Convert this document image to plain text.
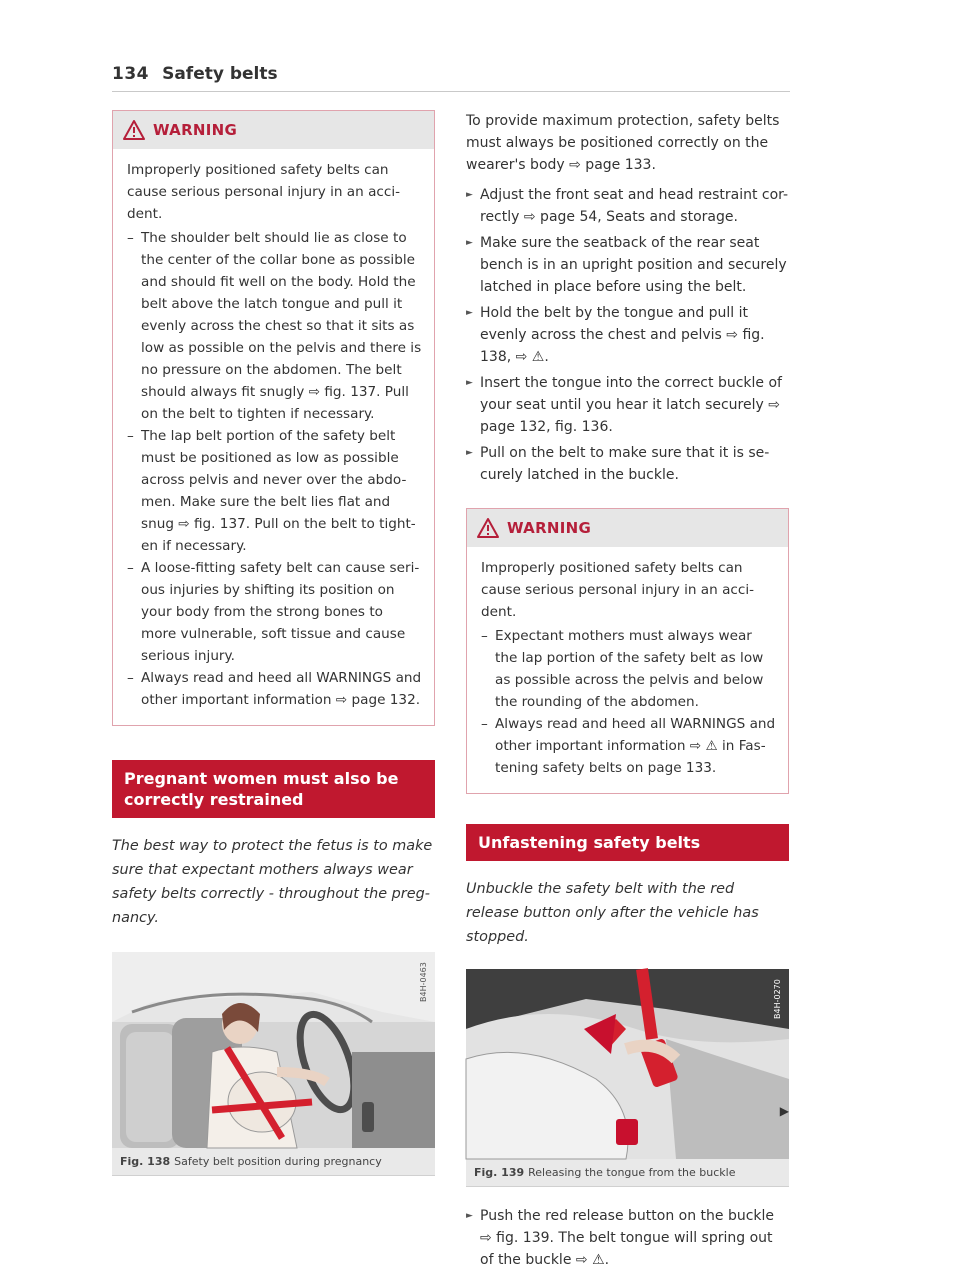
134 Safety belts
WARNING

Improperly positioned safety belts can cause serious personal injury in an acci-dent.

– The shoulder belt should lie as close to the center of the collar bone as possible and should fit well on the body. Hold the belt above the latch tongue and pull it evenly across the chest so that it sits as low as possible on the pelvis and there is no pressure on the abdomen. The belt should always fit snugly ⇨ fig. 137. Pull on the belt to tighten if necessary.
– The lap belt portion of the safety belt must be positioned as low as possible across pelvis and never over the abdo-men. Make sure the belt lies flat and snug ⇨ fig. 137. Pull on the belt to tight-en if necessary.
– A loose-fitting safety belt can cause seri-ous injuries by shifting its position on your body from the strong bones to more vulnerable, soft tissue and cause serious injury.
– Always read and heed all WARNINGS and other important information ⇨ page 132.
Pregnant women must also be correctly restrained

The best way to protect the fetus is to make sure that expectant mothers always wear safety belts correctly - throughout the preg-nancy.

B4H-0463
Fig. 138 Safety belt position during pregnancy

To provide maximum protection, safety belts must always be positioned correctly on the wearer's body ⇨ page 133.

► Adjust the front seat and head restraint cor-rectly ⇨ page 54, Seats and storage.
► Make sure the seatback of the rear seat bench is in an upright position and securely latched in place before using the belt.
► Hold the belt by the tongue and pull it evenly across the chest and pelvis ⇨ fig. 138, ⇨ ⚠.
► Insert the tongue into the correct buckle of your seat until you hear it latch securely ⇨ page 132, fig. 136.
► Pull on the belt to make sure that it is se-curely latched in the buckle.
WARNING

Improperly positioned safety belts can cause serious personal injury in an acci-dent.

– Expectant mothers must always wear the lap portion of the safety belt as low as possible across the pelvis and below the rounding of the abdomen.
– Always read and heed all WARNINGS and other important information ⇨ ⚠ in Fas-tening safety belts on page 133.
Unfastening safety belts

Unbuckle the safety belt with the red release button only after the vehicle has stopped.

B4H-0270
Fig. 139 Releasing the tongue from the buckle
► Push the red release button on the buckle ⇨ fig. 139. The belt tongue will spring out of the buckle ⇨ ⚠.
▶
